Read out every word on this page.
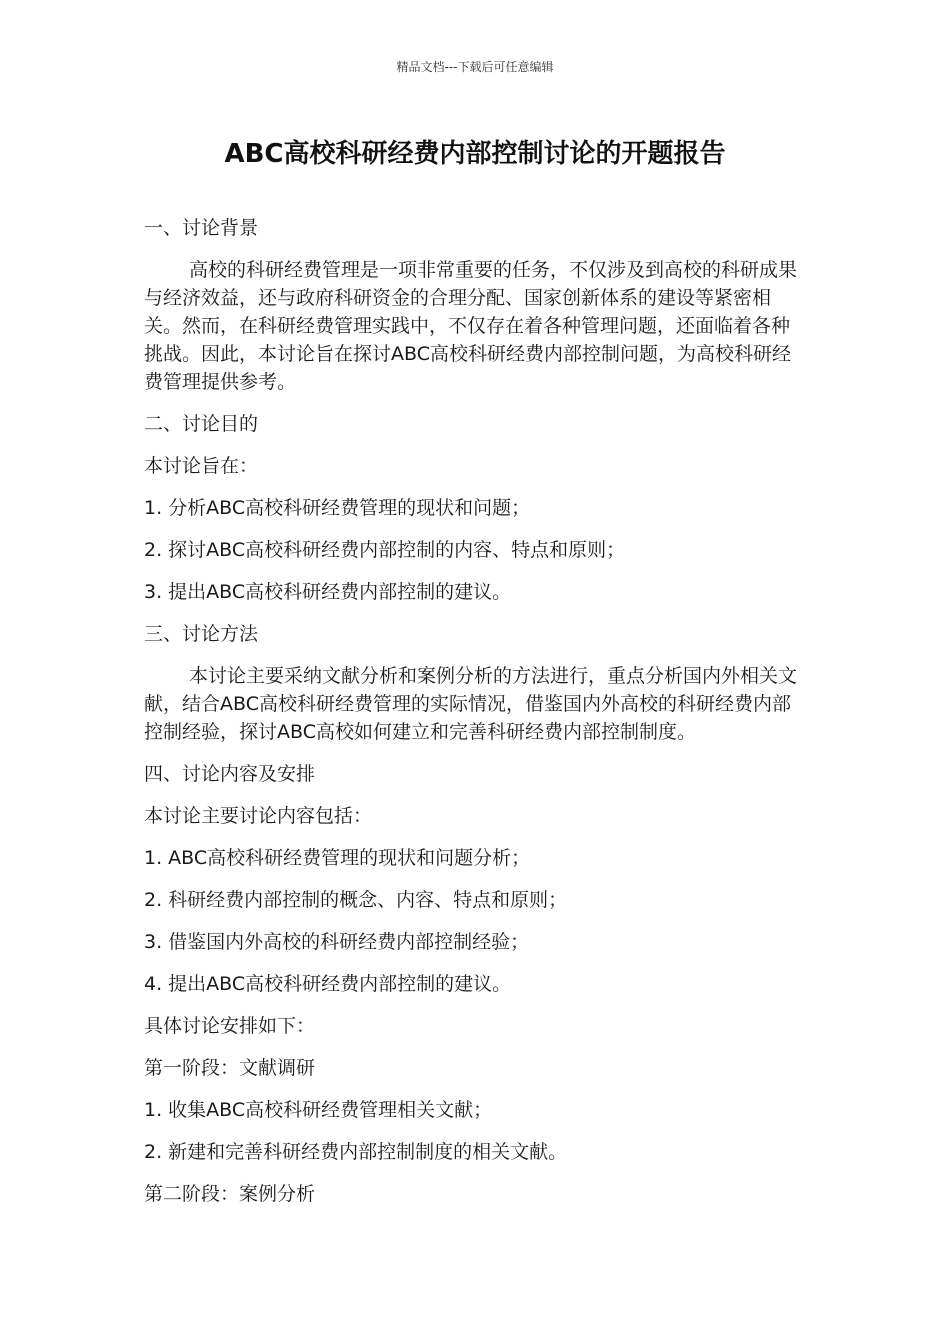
精品文档---下载后可任意编辑
ABC高校科研经费内部控制讨论的开题报告

一、讨论背景

高校的科研经费管理是一项非常重要的任务，不仅涉及到高校的科研成果与经济效益，还与政府科研资金的合理分配、国家创新体系的建设等紧密相关。然而，在科研经费管理实践中，不仅存在着各种管理问题，还面临着各种挑战。因此，本讨论旨在探讨ABC高校科研经费内部控制问题，为高校科研经费管理提供参考。

二、讨论目的

本讨论旨在：

1. 分析ABC高校科研经费管理的现状和问题；

2. 探讨ABC高校科研经费内部控制的内容、特点和原则；

3. 提出ABC高校科研经费内部控制的建议。

三、讨论方法

本讨论主要采纳文献分析和案例分析的方法进行，重点分析国内外相关文献，结合ABC高校科研经费管理的实际情况，借鉴国内外高校的科研经费内部控制经验，探讨ABC高校如何建立和完善科研经费内部控制制度。

四、讨论内容及安排

本讨论主要讨论内容包括：

1. ABC高校科研经费管理的现状和问题分析；

2. 科研经费内部控制的概念、内容、特点和原则；

3. 借鉴国内外高校的科研经费内部控制经验；

4. 提出ABC高校科研经费内部控制的建议。

具体讨论安排如下：

第一阶段：文献调研

1. 收集ABC高校科研经费管理相关文献；

2. 新建和完善科研经费内部控制制度的相关文献。

第二阶段：案例分析
